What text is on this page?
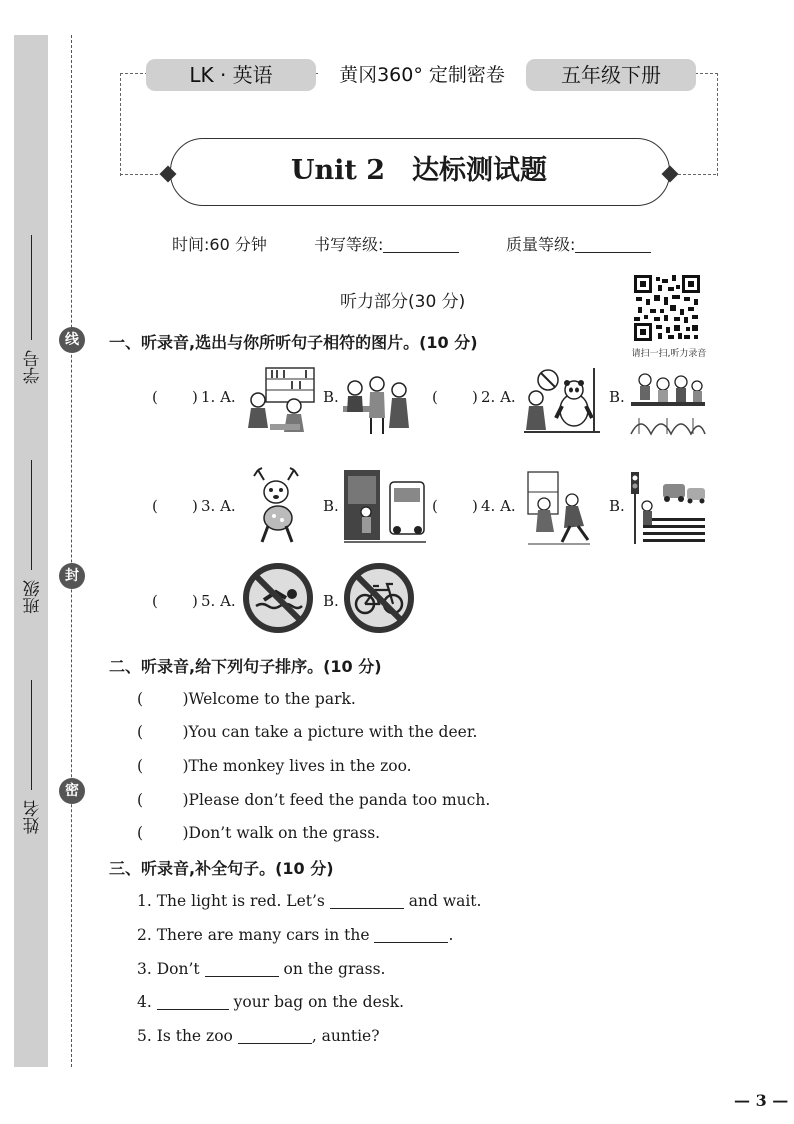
学号
班级
姓名
线
封
密
LK · 英语	黄冈360° 定制密卷	五年级下册
Unit 2　达标测试题
时间:60 分钟	书写等级:	质量等级:
听力部分(30 分)
请扫一扫,听力录音
一、听录音,选出与你所听句子相符的图片。(10 分)
( ) 1. A.	B.	( ) 2. A.	B.
( ) 3. A.	B.	( ) 4. A.	B.
( ) 5. A.	B.
二、听录音,给下列句子排序。(10 分)
(        )Welcome to the park.
(        )You can take a picture with the deer.
(        )The monkey lives in the zoo.
(        )Please don’t feed the panda too much.
(        )Don’t walk on the grass.
三、听录音,补全句子。(10 分)
1. The light is red. Let’s	and wait.
2. There are many cars in the	.
3. Don’t	on the grass.
4.	your bag on the desk.
5. Is the zoo	, auntie?
— 3 —
